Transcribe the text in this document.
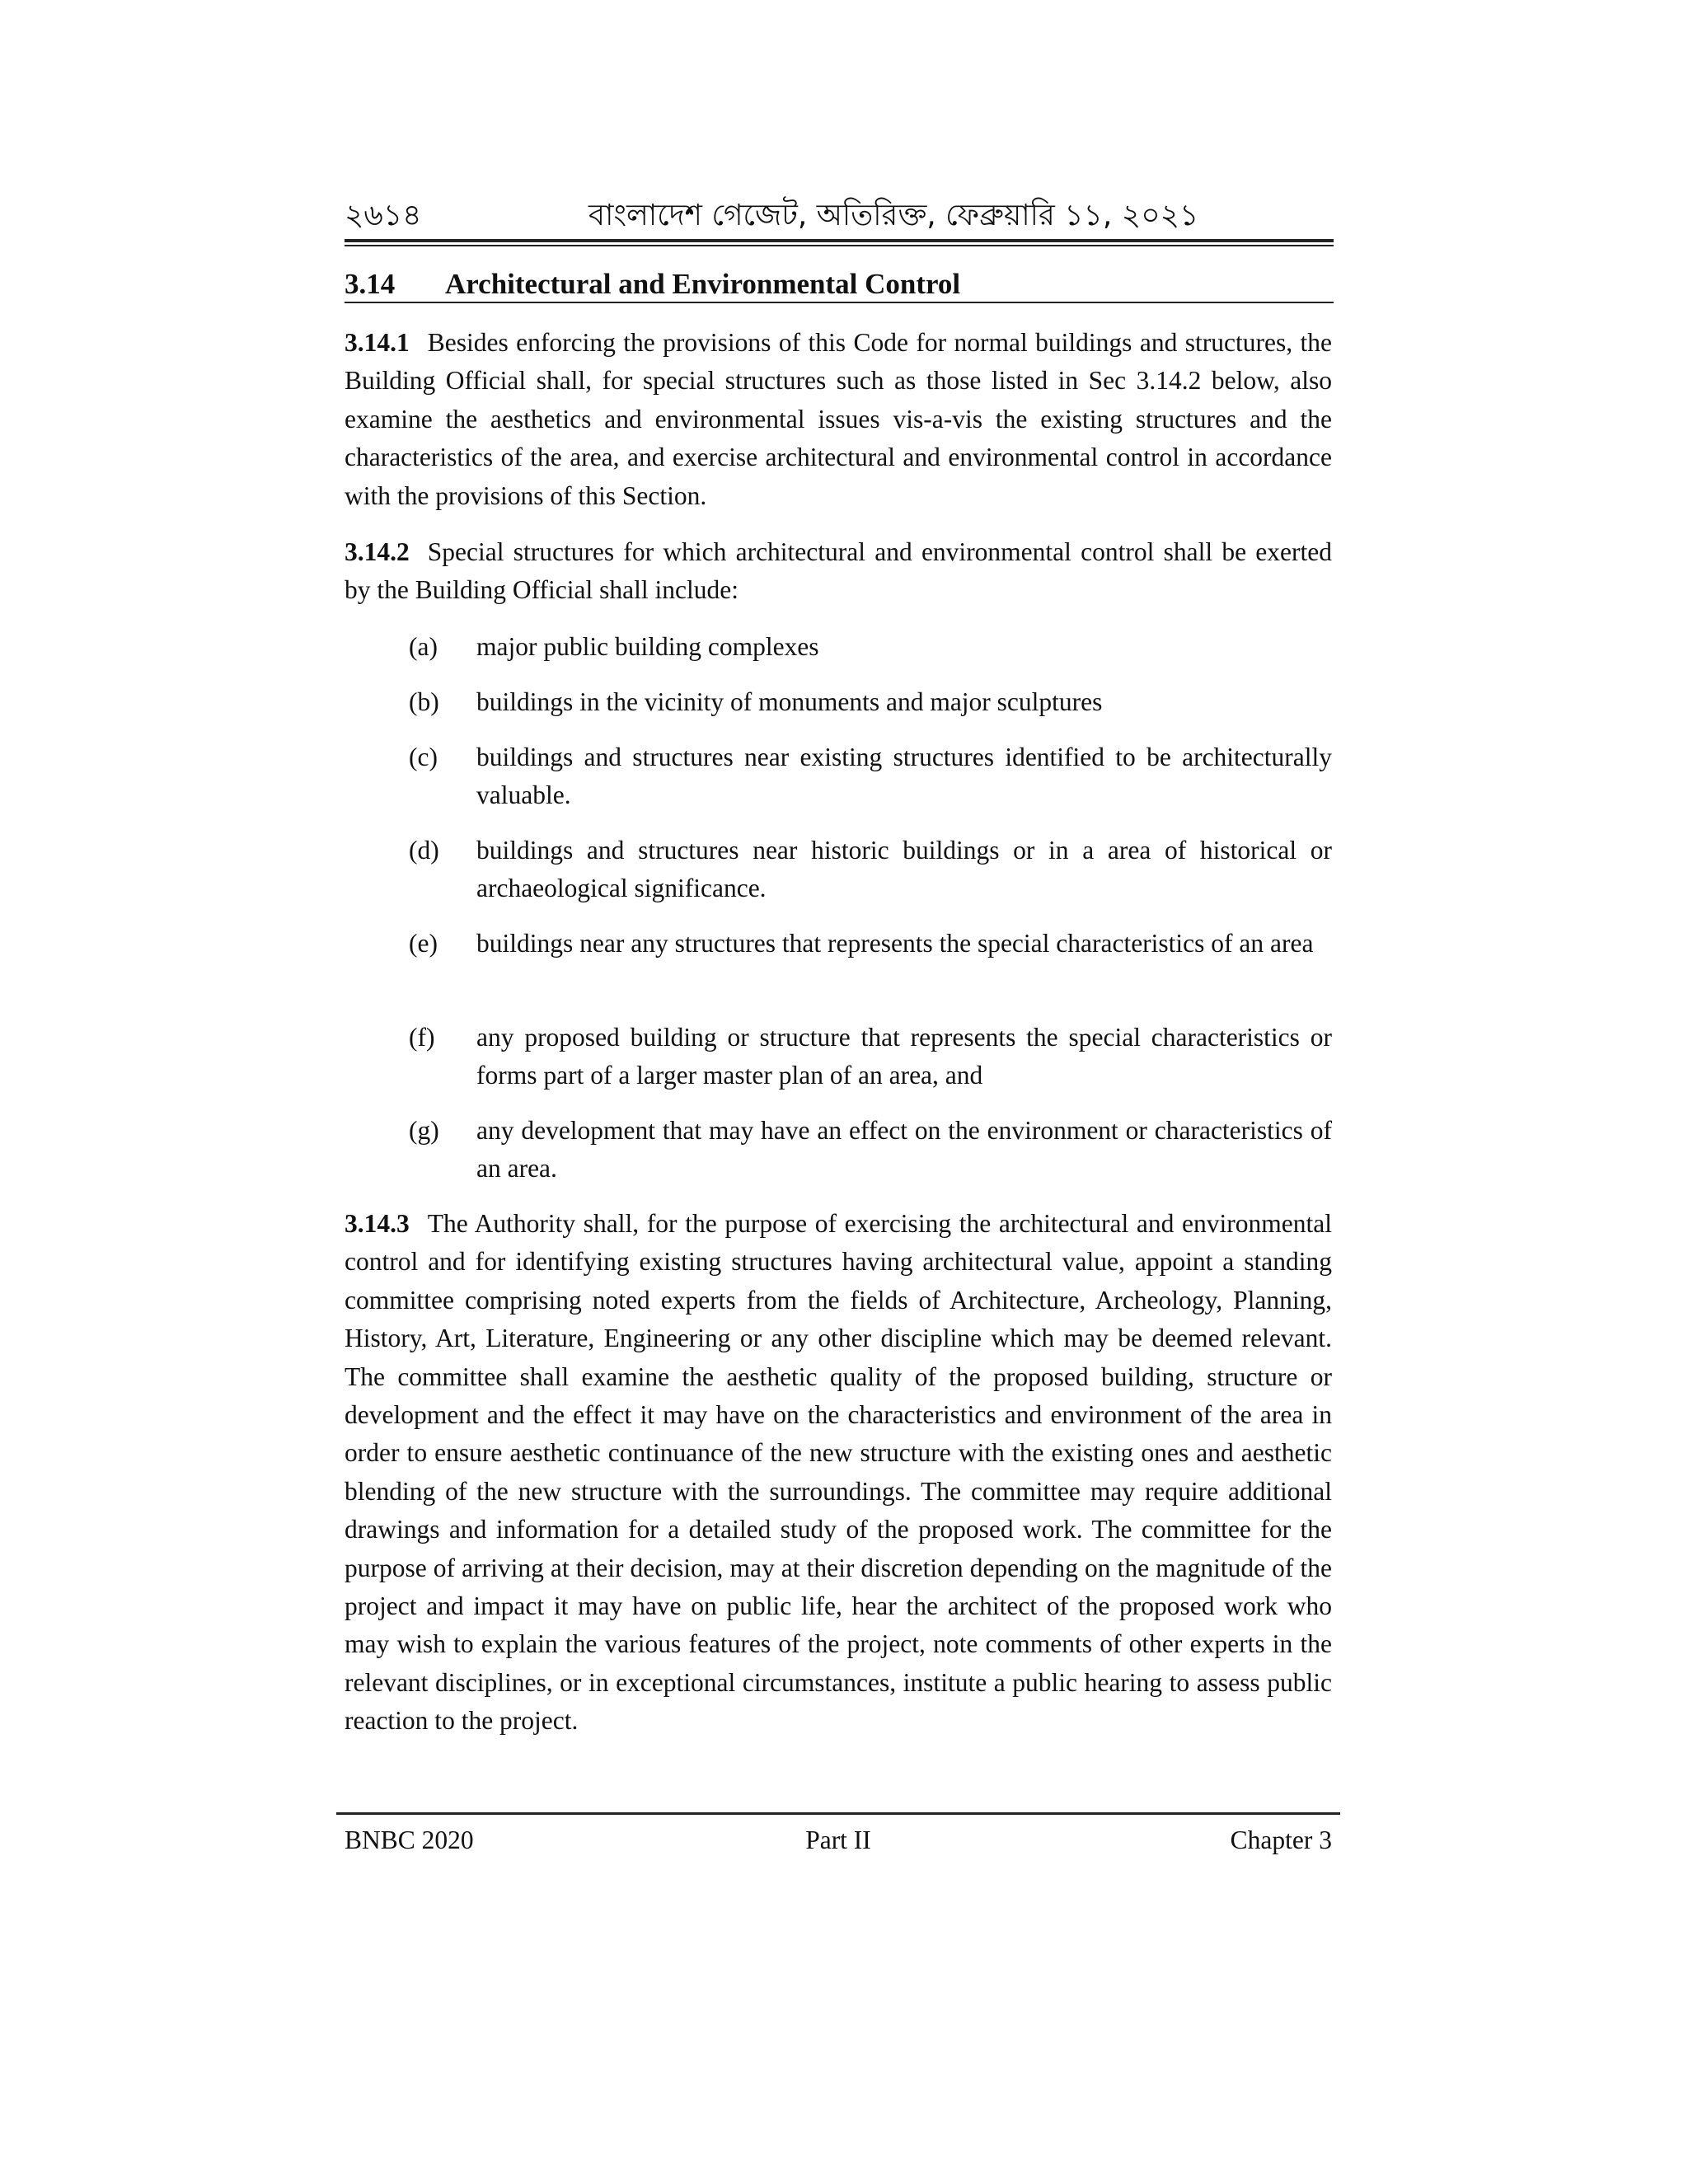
২৬১৪	বাংলাদেশ গেজেট, অতিরিক্ত, ফেব্রুয়ারি ১১, ২০২১
3.14 Architectural and Environmental Control
3.14.1 Besides enforcing the provisions of this Code for normal buildings and structures, the Building Official shall, for special structures such as those listed in Sec 3.14.2 below, also examine the aesthetics and environmental issues vis-a-vis the existing structures and the characteristics of the area, and exercise architectural and environmental control in accordance with the provisions of this Section.
3.14.2 Special structures for which architectural and environmental control shall be exerted by the Building Official shall include:
(a)	major public building complexes
(b)	buildings in the vicinity of monuments and major sculptures
(c)	buildings and structures near existing structures identified to be architecturally valuable.
(d)	buildings and structures near historic buildings or in a area of historical or archaeological significance.
(e)	buildings near any structures that represents the special characteristics of an area
(f)	any proposed building or structure that represents the special characteristics or forms part of a larger master plan of an area, and
(g)	any development that may have an effect on the environment or characteristics of an area.
3.14.3 The Authority shall, for the purpose of exercising the architectural and environmental control and for identifying existing structures having architectural value, appoint a standing committee comprising noted experts from the fields of Architecture, Archeology, Planning, History, Art, Literature, Engineering or any other discipline which may be deemed relevant. The committee shall examine the aesthetic quality of the proposed building, structure or development and the effect it may have on the characteristics and environment of the area in order to ensure aesthetic continuance of the new structure with the existing ones and aesthetic blending of the new structure with the surroundings. The committee may require additional drawings and information for a detailed study of the proposed work. The committee for the purpose of arriving at their decision, may at their discretion depending on the magnitude of the project and impact it may have on public life, hear the architect of the proposed work who may wish to explain the various features of the project, note comments of other experts in the relevant disciplines, or in exceptional circumstances, institute a public hearing to assess public reaction to the project.
Part II
BNBC 2020	Chapter 3
